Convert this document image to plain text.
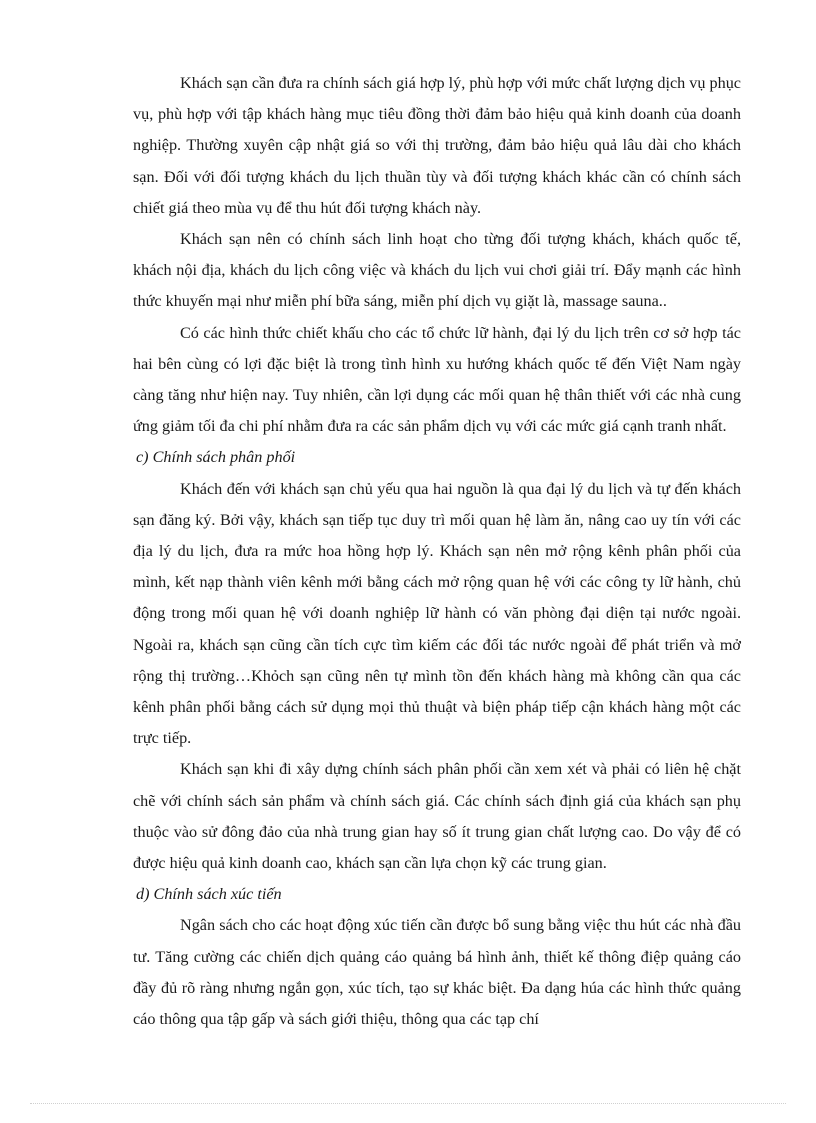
Khách sạn cần đưa ra chính sách giá hợp lý, phù hợp với mức chất lượng dịch vụ phục vụ, phù hợp với tập khách hàng mục tiêu đồng thời đảm bảo hiệu quả kinh doanh của doanh nghiệp. Thường xuyên cập nhật giá so với thị trường, đảm bảo hiệu quả lâu dài cho khách sạn. Đối với đối tượng khách du lịch thuần tùy và đối tượng khách khác cần có chính sách chiết giá theo mùa vụ để thu hút đối tượng khách này.

Khách sạn nên có chính sách linh hoạt cho từng đối tượng khách, khách quốc tế, khách nội địa, khách du lịch công việc và khách du lịch vui chơi giải trí. Đẩy mạnh các hình thức khuyến mại như miễn phí bữa sáng, miễn phí dịch vụ giặt là, massage sauna..

Có các hình thức chiết khấu cho các tổ chức lữ hành, đại lý du lịch trên cơ sở hợp tác hai bên cùng có lợi đặc biệt là trong tình hình xu hướng khách quốc tế đến Việt Nam ngày càng tăng như hiện nay. Tuy nhiên, cần lợi dụng các mối quan hệ thân thiết với các nhà cung ứng giảm tối đa chi phí nhằm đưa ra các sản phẩm dịch vụ với các mức giá cạnh tranh nhất.

c) Chính sách phân phối

Khách đến với khách sạn chủ yếu qua hai nguồn là qua đại lý du lịch và tự đến khách sạn đăng ký. Bởi vậy, khách sạn tiếp tục duy trì mối quan hệ làm ăn, nâng cao uy tín với các địa lý du lịch, đưa ra mức hoa hồng hợp lý. Khách sạn nên mở rộng kênh phân phối của mình, kết nạp thành viên kênh mới bằng cách mở rộng quan hệ với các công ty lữ hành, chủ động trong mối quan hệ với doanh nghiệp lữ hành có văn phòng đại diện tại nước ngoài. Ngoài ra, khách sạn cũng cần tích cực tìm kiếm các đối tác nước ngoài để phát triển và mở rộng thị trường…Khỏch sạn cũng nên tự mình tồn đến khách hàng mà không cần qua các kênh phân phối bằng cách sử dụng mọi thủ thuật và biện pháp tiếp cận khách hàng một các trực tiếp.

Khách sạn khi đi xây dựng chính sách phân phối cần xem xét và phải có liên hệ chặt chẽ với chính sách sản phẩm và chính sách giá. Các chính sách định giá của khách sạn phụ thuộc vào sử đông đảo của nhà trung gian hay số ít trung gian chất lượng cao. Do vậy để có được hiệu quả kinh doanh cao, khách sạn cần lựa chọn kỹ các trung gian.

d) Chính sách xúc tiến

Ngân sách cho các hoạt động xúc tiến cần được bổ sung bằng việc thu hút các nhà đầu tư. Tăng cường các chiến dịch quảng cáo quảng bá hình ảnh, thiết kế thông điệp quảng cáo đầy đủ rõ ràng nhưng ngắn gọn, xúc tích, tạo sự khác biệt. Đa dạng húa các hình thức quảng cáo thông qua tập gấp và sách giới thiệu, thông qua các tạp chí
